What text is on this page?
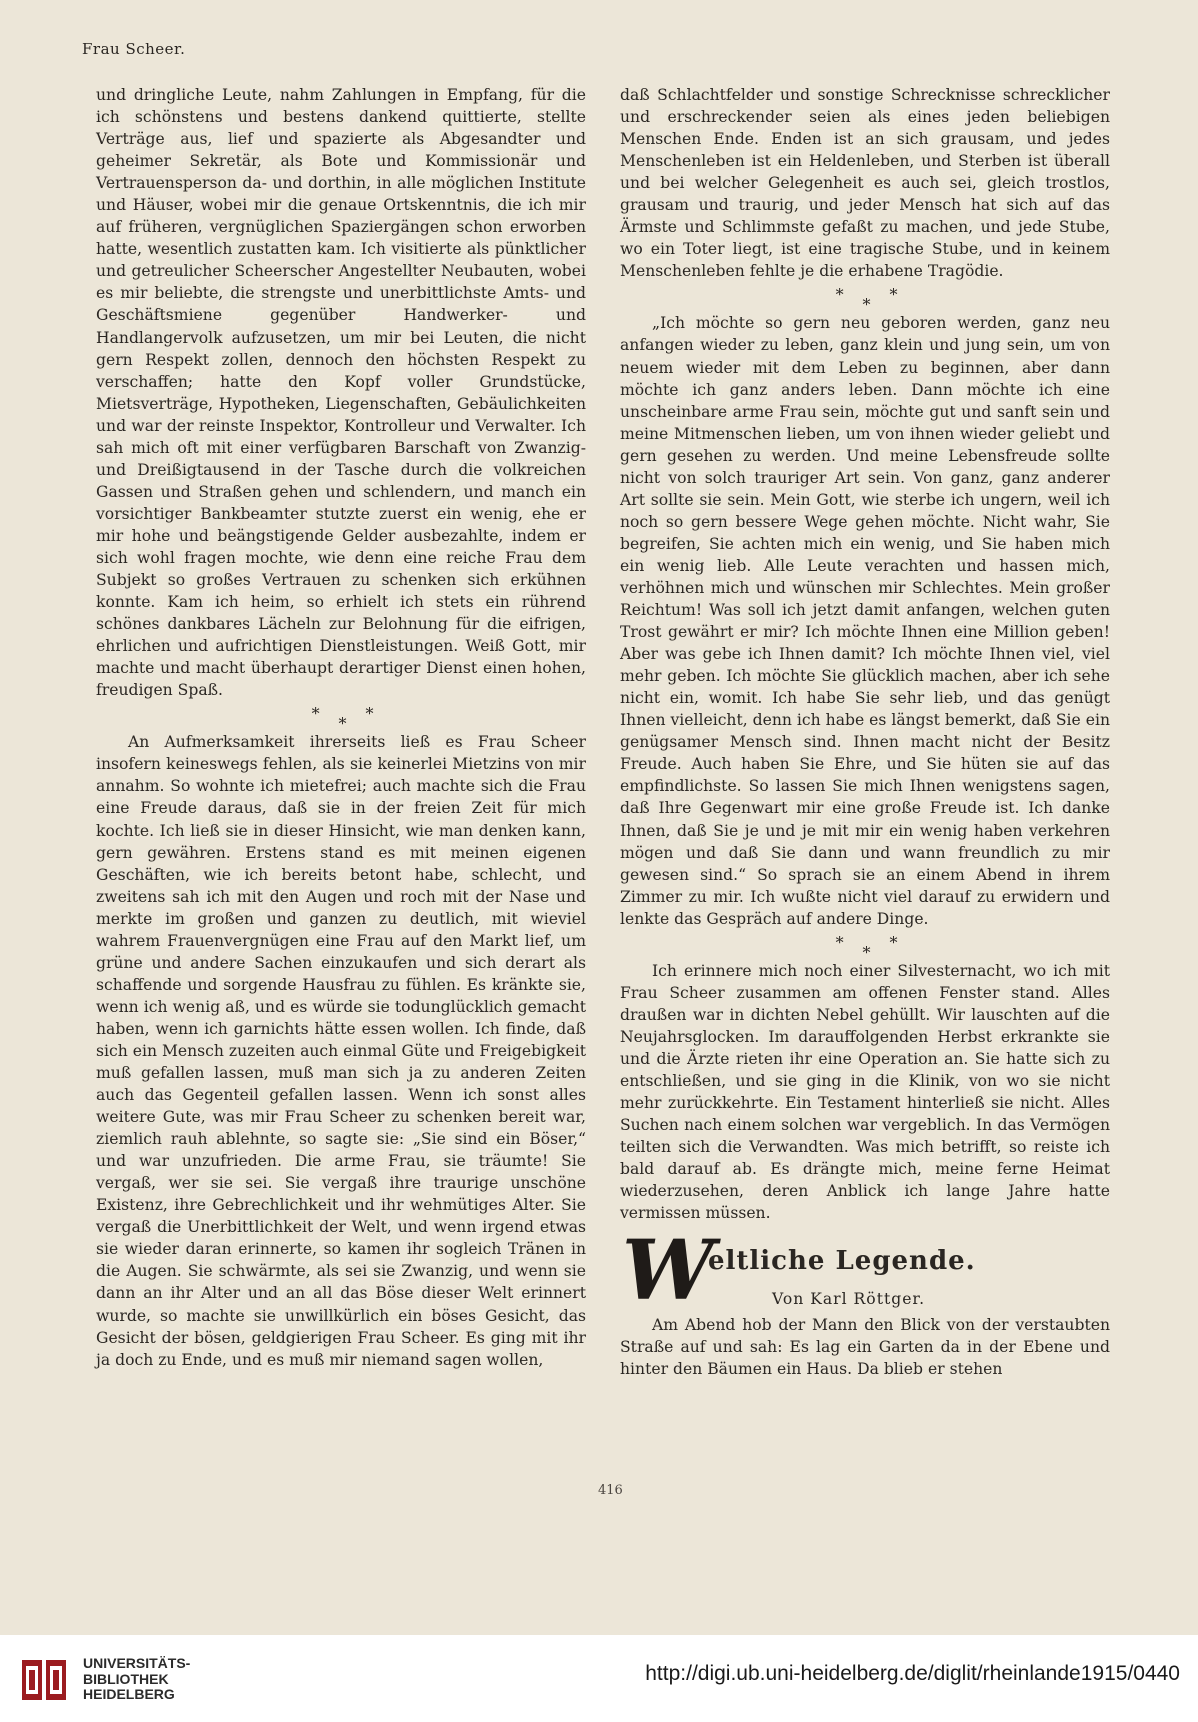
Frau Scheer.

und dringliche Leute, nahm Zahlungen in Empfang, für die ich schönstens und bestens dankend quittierte, stellte Verträge aus, lief und spazierte als Abgesandter und geheimer Sekretär, als Bote und Kommissionär und Vertrauensperson da- und dorthin, in alle möglichen Institute und Häuser, wobei mir die genaue Ortskenntnis, die ich mir auf früheren, vergnüglichen Spaziergängen schon erworben hatte, wesentlich zustatten kam. Ich visitierte als pünktlicher und getreulicher Scheerscher Angestellter Neubauten, wobei es mir beliebte, die strengste und unerbittlichste Amts- und Geschäftsmiene gegenüber Handwerker- und Handlangervolk aufzusetzen, um mir bei Leuten, die nicht gern Respekt zollen, dennoch den höchsten Respekt zu verschaffen; hatte den Kopf voller Grundstücke, Mietsverträge, Hypotheken, Liegenschaften, Gebäulichkeiten und war der reinste Inspektor, Kontrolleur und Verwalter. Ich sah mich oft mit einer verfügbaren Barschaft von Zwanzig- und Dreißigtausend in der Tasche durch die volkreichen Gassen und Straßen gehen und schlendern, und manch ein vorsichtiger Bankbeamter stutzte zuerst ein wenig, ehe er mir hohe und beängstigende Gelder ausbezahlte, indem er sich wohl fragen mochte, wie denn eine reiche Frau dem Subjekt so großes Vertrauen zu schenken sich erkühnen konnte. Kam ich heim, so erhielt ich stets ein rührend schönes dankbares Lächeln zur Belohnung für die eifrigen, ehrlichen und aufrichtigen Dienstleistungen. Weiß Gott, mir machte und macht überhaupt derartiger Dienst einen hohen, freudigen Spaß.

*
*
*

An Aufmerksamkeit ihrerseits ließ es Frau Scheer insofern keineswegs fehlen, als sie keinerlei Mietzins von mir annahm. So wohnte ich mietefrei; auch machte sich die Frau eine Freude daraus, daß sie in der freien Zeit für mich kochte. Ich ließ sie in dieser Hinsicht, wie man denken kann, gern gewähren. Erstens stand es mit meinen eigenen Geschäften, wie ich bereits betont habe, schlecht, und zweitens sah ich mit den Augen und roch mit der Nase und merkte im großen und ganzen zu deutlich, mit wieviel wahrem Frauenvergnügen eine Frau auf den Markt lief, um grüne und andere Sachen einzukaufen und sich derart als schaffende und sorgende Hausfrau zu fühlen. Es kränkte sie, wenn ich wenig aß, und es würde sie todunglücklich gemacht haben, wenn ich garnichts hätte essen wollen. Ich finde, daß sich ein Mensch zuzeiten auch einmal Güte und Freigebigkeit muß gefallen lassen, muß man sich ja zu anderen Zeiten auch das Gegenteil gefallen lassen. Wenn ich sonst alles weitere Gute, was mir Frau Scheer zu schenken bereit war, ziemlich rauh ablehnte, so sagte sie: „Sie sind ein Böser,“ und war unzufrieden. Die arme Frau, sie träumte! Sie vergaß, wer sie sei. Sie vergaß ihre traurige unschöne Existenz, ihre Gebrechlichkeit und ihr wehmütiges Alter. Sie vergaß die Unerbittlichkeit der Welt, und wenn irgend etwas sie wieder daran erinnerte, so kamen ihr sogleich Tränen in die Augen. Sie schwärmte, als sei sie Zwanzig, und wenn sie dann an ihr Alter und an all das Böse dieser Welt erinnert wurde, so machte sie unwillkürlich ein böses Gesicht, das Gesicht der bösen, geldgierigen Frau Scheer. Es ging mit ihr ja doch zu Ende, und es muß mir niemand sagen wollen,

daß Schlachtfelder und sonstige Schrecknisse schrecklicher und erschreckender seien als eines jeden beliebigen Menschen Ende. Enden ist an sich grausam, und jedes Menschenleben ist ein Heldenleben, und Sterben ist überall und bei welcher Gelegenheit es auch sei, gleich trostlos, grausam und traurig, und jeder Mensch hat sich auf das Ärmste und Schlimmste gefaßt zu machen, und jede Stube, wo ein Toter liegt, ist eine tragische Stube, und in keinem Menschenleben fehlte je die erhabene Tragödie.

*
*
*

„Ich möchte so gern neu geboren werden, ganz neu anfangen wieder zu leben, ganz klein und jung sein, um von neuem wieder mit dem Leben zu beginnen, aber dann möchte ich ganz anders leben. Dann möchte ich eine unscheinbare arme Frau sein, möchte gut und sanft sein und meine Mitmenschen lieben, um von ihnen wieder geliebt und gern gesehen zu werden. Und meine Lebensfreude sollte nicht von solch trauriger Art sein. Von ganz, ganz anderer Art sollte sie sein. Mein Gott, wie sterbe ich ungern, weil ich noch so gern bessere Wege gehen möchte. Nicht wahr, Sie begreifen, Sie achten mich ein wenig, und Sie haben mich ein wenig lieb. Alle Leute verachten und hassen mich, verhöhnen mich und wünschen mir Schlechtes. Mein großer Reichtum! Was soll ich jetzt damit anfangen, welchen guten Trost gewährt er mir? Ich möchte Ihnen eine Million geben! Aber was gebe ich Ihnen damit? Ich möchte Ihnen viel, viel mehr geben. Ich möchte Sie glücklich machen, aber ich sehe nicht ein, womit. Ich habe Sie sehr lieb, und das genügt Ihnen vielleicht, denn ich habe es längst bemerkt, daß Sie ein genügsamer Mensch sind. Ihnen macht nicht der Besitz Freude. Auch haben Sie Ehre, und Sie hüten sie auf das empfindlichste. So lassen Sie mich Ihnen wenigstens sagen, daß Ihre Gegenwart mir eine große Freude ist. Ich danke Ihnen, daß Sie je und je mit mir ein wenig haben verkehren mögen und daß Sie dann und wann freundlich zu mir gewesen sind.“ So sprach sie an einem Abend in ihrem Zimmer zu mir. Ich wußte nicht viel darauf zu erwidern und lenkte das Gespräch auf andere Dinge.

*
*
*

Ich erinnere mich noch einer Silvesternacht, wo ich mit Frau Scheer zusammen am offenen Fenster stand. Alles draußen war in dichten Nebel gehüllt. Wir lauschten auf die Neujahrsglocken. Im darauffolgenden Herbst erkrankte sie und die Ärzte rieten ihr eine Operation an. Sie hatte sich zu entschließen, und sie ging in die Klinik, von wo sie nicht mehr zurückkehrte. Ein Testament hinterließ sie nicht. Alles Suchen nach einem solchen war vergeblich. In das Vermögen teilten sich die Verwandten. Was mich betrifft, so reiste ich bald darauf ab. Es drängte mich, meine ferne Heimat wiederzusehen, deren Anblick ich lange Jahre hatte vermissen müssen.

W
eltliche Legende.
Von Karl Röttger.

Am Abend hob der Mann den Blick von der verstaubten Straße auf und sah: Es lag ein Garten da in der Ebene und hinter den Bäumen ein Haus. Da blieb er stehen

416
UNIVERSITÄTS-
BIBLIOTHEK
HEIDELBERG
http://digi.ub.uni-heidelberg.de/diglit/rheinlande1915/0440
